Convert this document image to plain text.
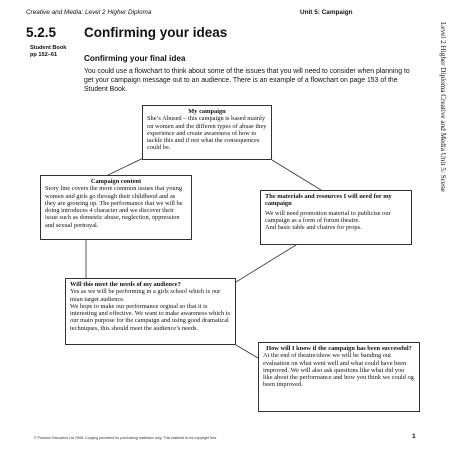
Creative and Media: Level 2 Higher Diploma	Unit 5: Campaign
Level 2 Higher Diploma Creative and Media Unit 5: Scene
5.2.5 Confirming your ideas
Student Book
pp 152–61	Confirming your final idea
You could use a flowchart to think about some of the issues that you will need to consider when planning to get your campaign message out to an audience. There is an example of a flowchart on page 153 of the Student Book.
My campaign
She’s Abused – this campaign is based mainly on women and the differen types of abuse they experience and create awareness of how to tackle this and if not what the consequences could be.
Campaign content
Story line covers the more common issues that young women and girls go through their childhood and as they are growing up. The performance that we will be doing introduces 4 character and we discover their issue such as domestic abuse, neglection, oppression and sexual portrayal.
The materials and resources I will need for my campaign
We will need promotion material to publicise our campaign as a form of forum theatre.
And basic table and chaires for props.
Will this meet the needs of my audience?
Yes as we will be performing in a girls school which is our mian target audience.
We hope to make our performance orginal so that it is interesting and effective. We want to make awareness which is our main purpose for the campaign and using good dramatical techniques, this should meet the audience’s needs.
How will I know if the campaign has been successful?
At the end of theatre/show we will be banding out evaluation on what went well and what could have been improved. We will also ask questions like what did you like about the performance and how you think we could og been improved.
© Pearson Education Ltd 2008. Copying permitted for purchasing institution only. This material is not copyright free.	1
